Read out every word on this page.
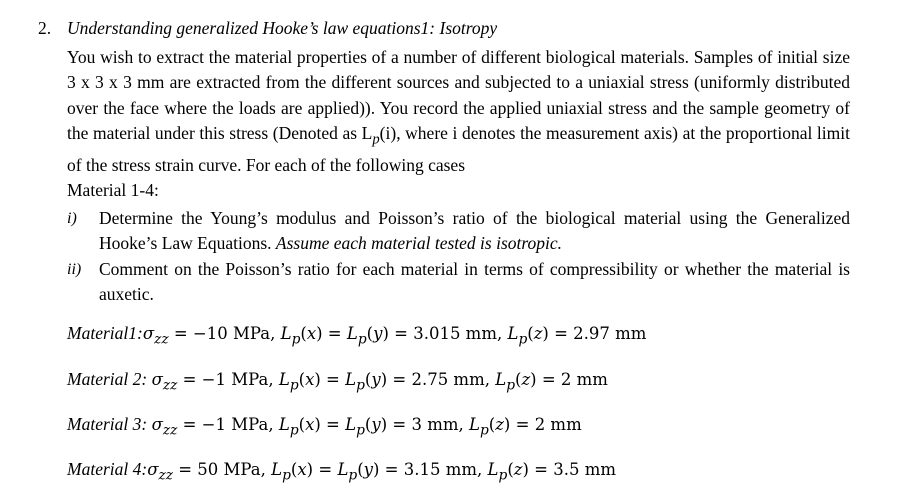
2. Understanding generalized Hooke’s law equations1: Isotropy
You wish to extract the material properties of a number of different biological materials. Samples of initial size 3 x 3 x 3 mm are extracted from the different sources and subjected to a uniaxial stress (uniformly distributed over the face where the loads are applied)). You record the applied uniaxial stress and the sample geometry of the material under this stress (Denoted as $L_p(i)$, where i denotes the measurement axis) at the proportional limit of the stress strain curve. For each of the following cases
Material 1-4:
i) Determine the Young’s modulus and Poisson’s ratio of the biological material using the Generalized Hooke’s Law Equations. Assume each material tested is isotropic.
ii) Comment on the Poisson’s ratio for each material in terms of compressibility or whether the material is auxetic.
$Material1:\sigma_{zz} = -10$ MPa, $L_p(x) = L_p(y) = 3.015$ mm, $L_p(z) = 2.97$ mm
Material 2: $\sigma_{zz} = -1$ MPa, $L_p(x) = L_p(y) = 2.75$ mm, $L_p(z) = 2$ mm
Material 3: $\sigma_{zz} = -1$ MPa, $L_p(x) = L_p(y) = 3$ mm, $L_p(z) = 2$ mm
Material $4:\sigma_{zz} = 50$ MPa, $L_p(x) = L_p(y) = 3.15$ mm, $L_p(z) = 3.5$ mm
